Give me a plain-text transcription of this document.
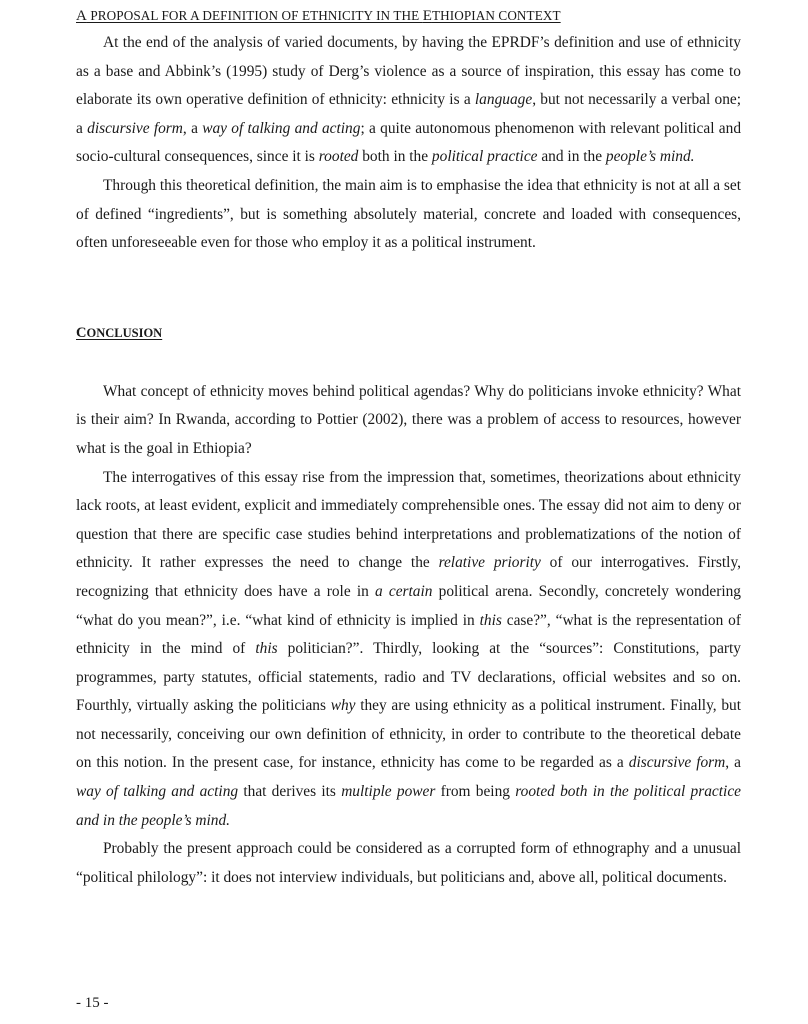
A PROPOSAL FOR A DEFINITION OF ETHNICITY IN THE ETHIOPIAN CONTEXT

At the end of the analysis of varied documents, by having the EPRDF’s definition and use of ethnicity as a base and Abbink’s (1995) study of Derg’s violence as a source of inspiration, this essay has come to elaborate its own operative definition of ethnicity: ethnicity is a language, but not necessarily a verbal one; a discursive form, a way of talking and acting; a quite autonomous phenomenon with relevant political and socio-cultural consequences, since it is rooted both in the political practice and in the people’s mind.

Through this theoretical definition, the main aim is to emphasise the idea that ethnicity is not at all a set of defined “ingredients”, but is something absolutely material, concrete and loaded with consequences, often unforeseeable even for those who employ it as a political instrument.

CONCLUSION

What concept of ethnicity moves behind political agendas? Why do politicians invoke ethnicity? What is their aim? In Rwanda, according to Pottier (2002), there was a problem of access to resources, however what is the goal in Ethiopia?

The interrogatives of this essay rise from the impression that, sometimes, theorizations about ethnicity lack roots, at least evident, explicit and immediately comprehensible ones. The essay did not aim to deny or question that there are specific case studies behind interpretations and problematizations of the notion of ethnicity. It rather expresses the need to change the relative priority of our interrogatives. Firstly, recognizing that ethnicity does have a role in a certain political arena. Secondly, concretely wondering “what do you mean?”, i.e. “what kind of ethnicity is implied in this case?”, “what is the representation of ethnicity in the mind of this politician?”. Thirdly, looking at the “sources”: Constitutions, party programmes, party statutes, official statements, radio and TV declarations, official websites and so on. Fourthly, virtually asking the politicians why they are using ethnicity as a political instrument. Finally, but not necessarily, conceiving our own definition of ethnicity, in order to contribute to the theoretical debate on this notion. In the present case, for instance, ethnicity has come to be regarded as a discursive form, a way of talking and acting that derives its multiple power from being rooted both in the political practice and in the people’s mind.

Probably the present approach could be considered as a corrupted form of ethnography and a unusual “political philology”: it does not interview individuals, but politicians and, above all, political documents.

- 15 -
